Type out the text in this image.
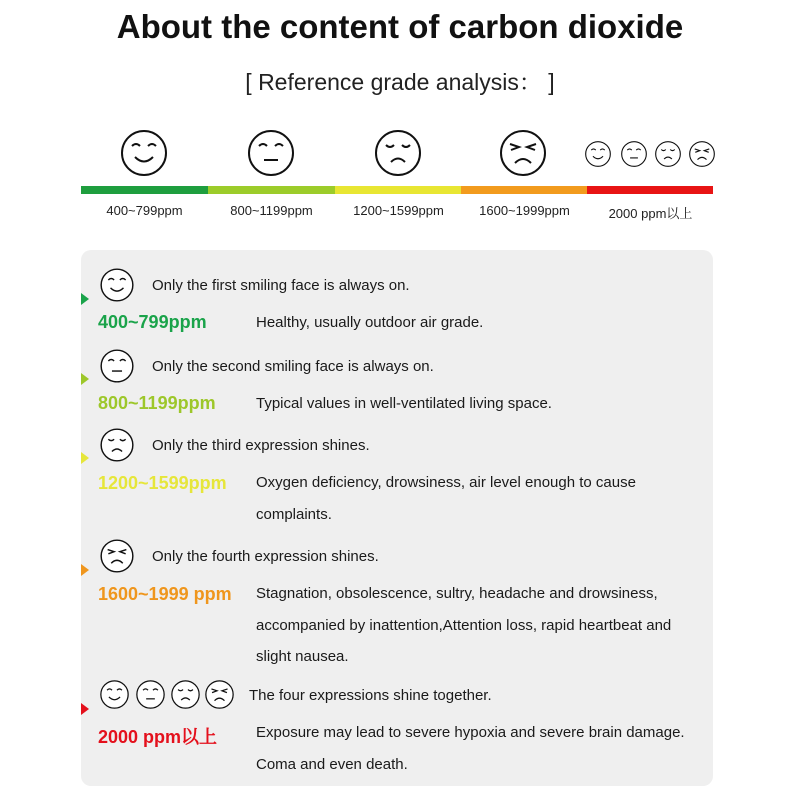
About the content of carbon dioxide
[ Reference grade analysis： ]
400~799ppm	800~1199ppm	1200~1599ppm	1600~1999ppm	2000 ppm以上
Only the first smiling face is always on.
400~799ppm	Healthy, usually outdoor air grade.
Only the second smiling face is always on.
800~1199ppm	Typical values in well-ventilated living space.
Only the third expression shines.
1200~1599ppm Oxygen deficiency, drowsiness, air level enough to cause complaints.
Only the fourth expression shines.
1600~1999 ppm Stagnation, obsolescence, sultry, headache and drowsiness, accompanied by inattention,Attention loss, rapid heartbeat and slight nausea.
The four expressions shine together.
2000 ppm以上	Exposure may lead to severe hypoxia and severe brain damage. Coma and even death.
